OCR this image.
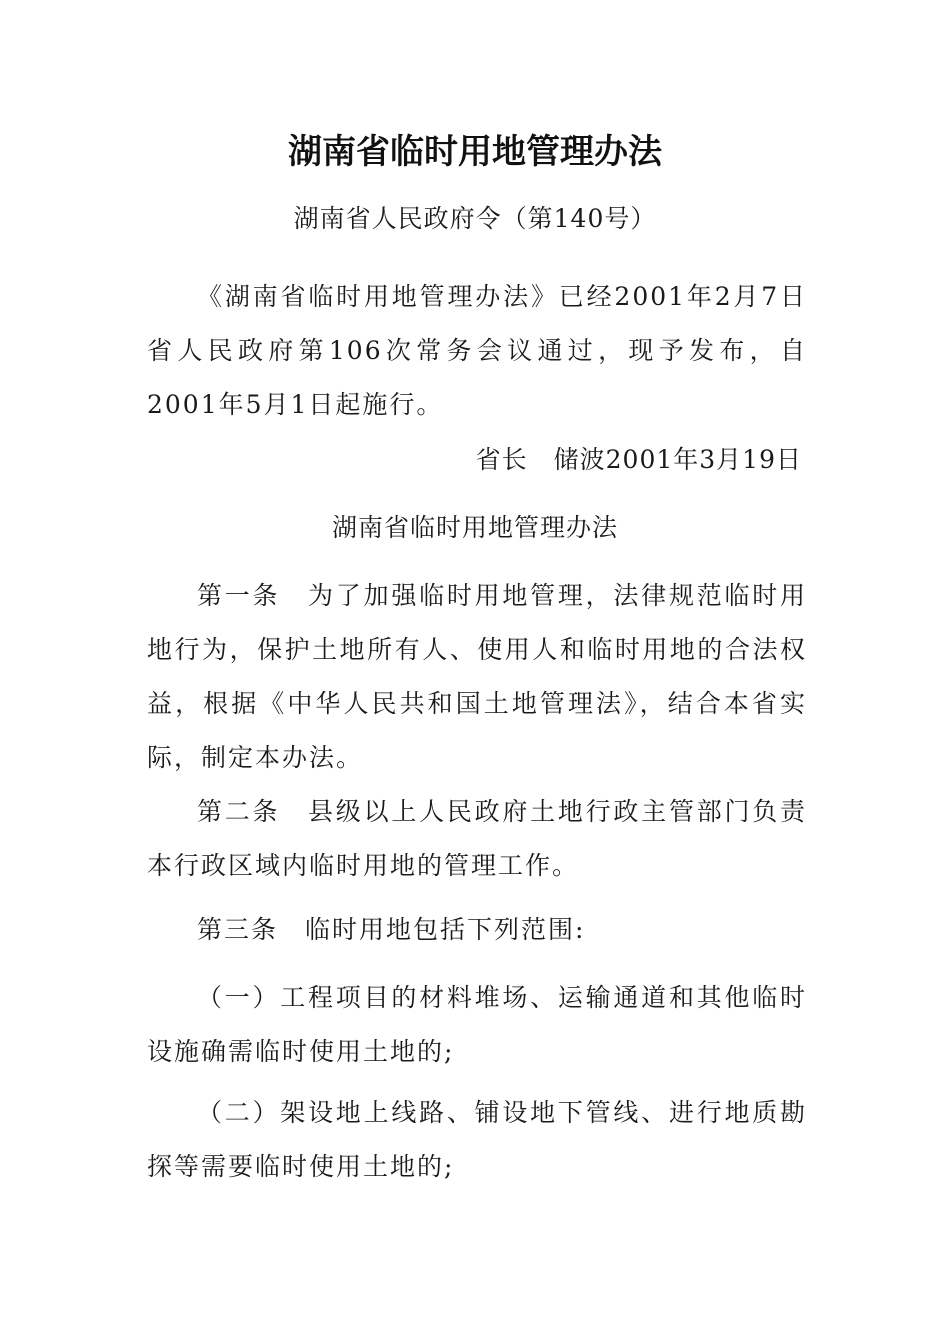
湖南省临时用地管理办法
湖南省人民政府令（第140号）
《湖南省临时用地管理办法》已经2001年2月7日省人民政府第106次常务会议通过，现予发布，自2001年5月1日起施行。
省长　储波2001年3月19日
湖南省临时用地管理办法
第一条　为了加强临时用地管理，法律规范临时用地行为，保护土地所有人、使用人和临时用地的合法权益，根据《中华人民共和国土地管理法》，结合本省实际，制定本办法。
第二条　县级以上人民政府土地行政主管部门负责本行政区域内临时用地的管理工作。
第三条　临时用地包括下列范围:
（一）工程项目的材料堆场、运输通道和其他临时设施确需临时使用土地的;
（二）架设地上线路、铺设地下管线、进行地质勘探等需要临时使用土地的;
